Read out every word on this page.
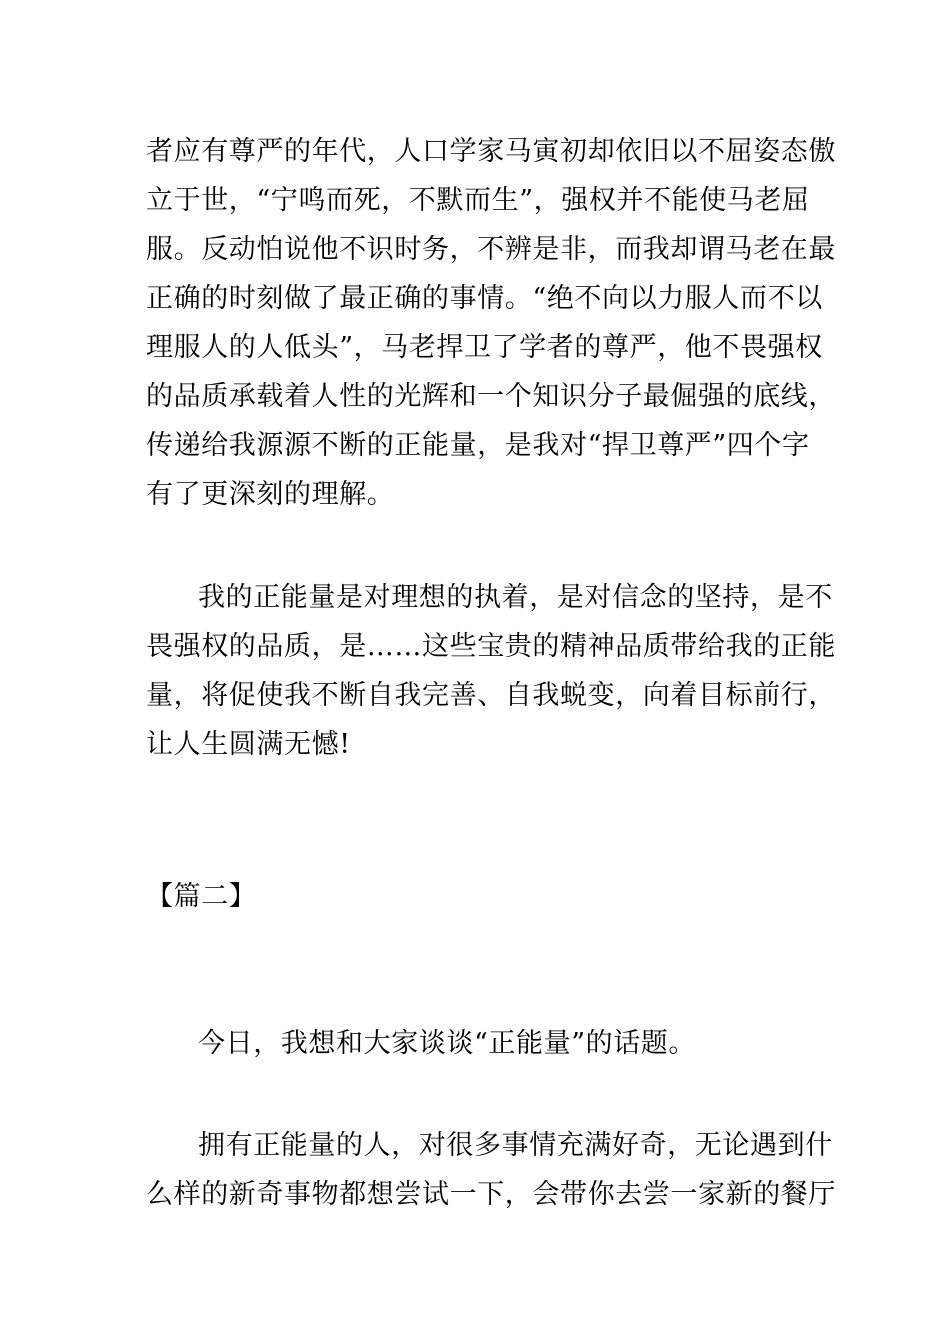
者应有尊严的年代，人口学家马寅初却依旧以不屈姿态傲
立于世，“宁鸣而死，不默而生”，强权并不能使马老屈
服。反动怕说他不识时务，不辨是非，而我却谓马老在最
正确的时刻做了最正确的事情。“绝不向以力服人而不以
理服人的人低头”，马老捍卫了学者的尊严，他不畏强权
的品质承载着人性的光辉和一个知识分子最倔强的底线，
传递给我源源不断的正能量，是我对“捍卫尊严”四个字
有了更深刻的理解。
我的正能量是对理想的执着，是对信念的坚持，是不
畏强权的品质，是……这些宝贵的精神品质带给我的正能
量，将促使我不断自我完善、自我蜕变，向着目标前行，
让人生圆满无憾!
【篇二】
今日，我想和大家谈谈“正能量”的话题。
拥有正能量的人，对很多事情充满好奇，无论遇到什
么样的新奇事物都想尝试一下，会带你去尝一家新的餐厅
